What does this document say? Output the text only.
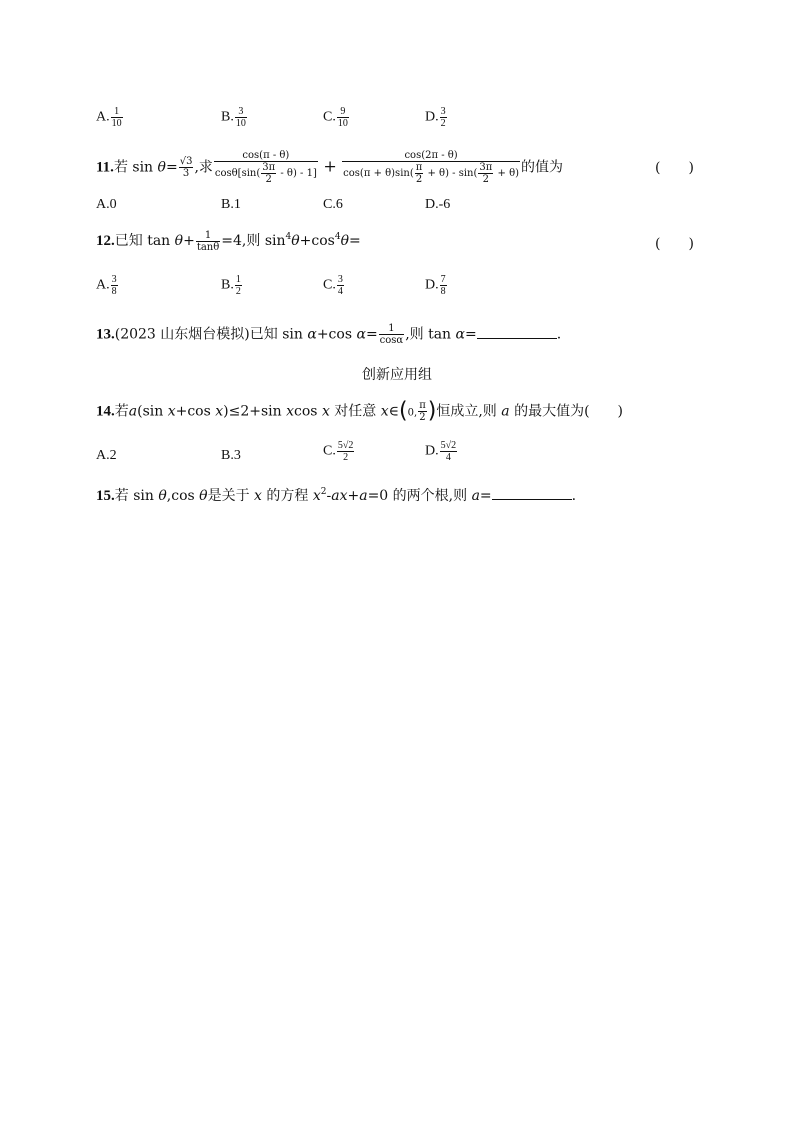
A. $\frac{1}{10}$	B. $\frac{3}{10}$	C. $\frac{9}{10}$	D. $\frac{3}{2}$
11.若 $\sin \theta= \frac{√3}{3}$ ,求 $\frac{\cos(\pi - \theta)}{\cos\theta[\sin( \frac{3\pi}{2} - \theta) - 1]} + \frac{\cos(2\pi - \theta)}{\cos(\pi + \theta)\sin( \frac{\pi}{2} + \theta) - \sin( \frac{3\pi}{2} + \theta)}$ 的值为	(　　)
A.0	B.1	C.6	D.-6
12.已知 $\tan \theta+ \frac{1}{\tan\theta} =4$,则 $\sin^4\theta+\cos^4\theta=$	(　　)
A. $\frac{3}{8}$	B. $\frac{1}{2}$	C. $\frac{3}{4}$	D. $\frac{7}{8}$
13.(2023 山东烟台模拟)已知 sin α+cos $\alpha= \frac{1}{\cos\alpha}$ ,则 tan α=	.
创新应用组
14.若a(sin x+cos x)≤2+sin xcos x 对任意 x∈(0, $\frac{\pi}{2}$ )恒成立,则 a 的最大值为(　　)
A.2	B.3	C. $\frac{5√2}{2}$	D. $\frac{5√2}{4}$
15.若 sin θ,cos θ是关于 x 的方程 $x^2-ax+a=0$ 的两个根,则 a=	.
